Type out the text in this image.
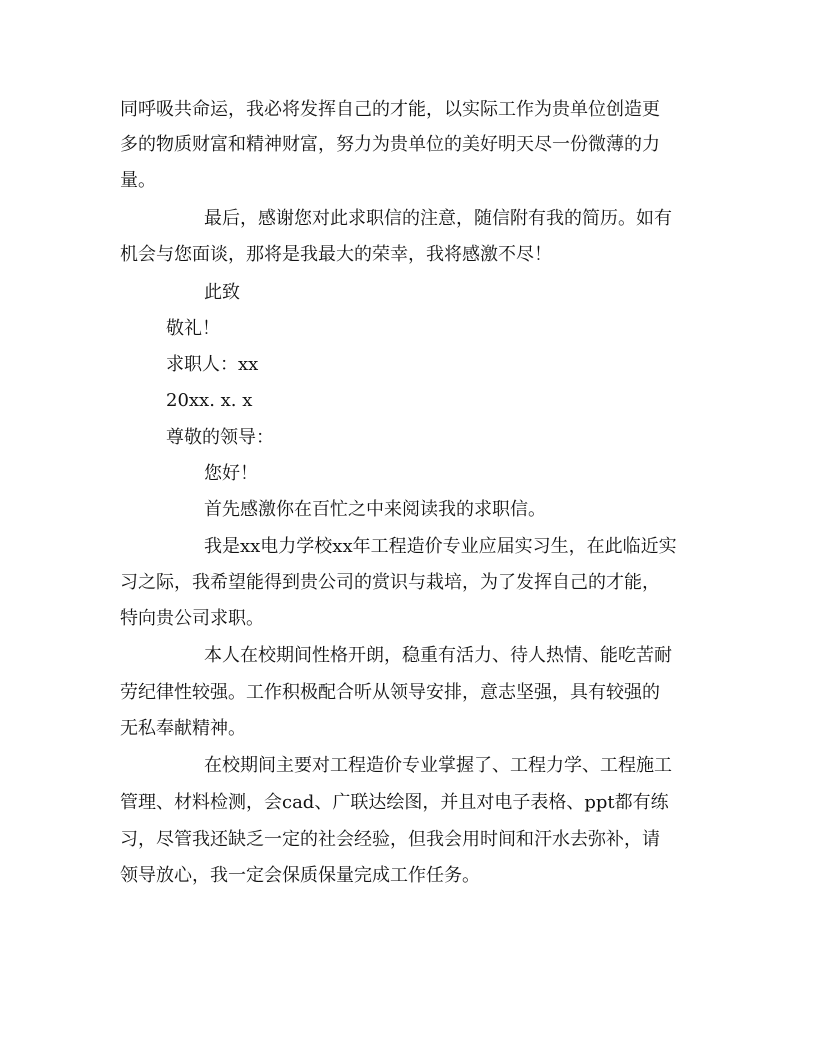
同呼吸共命运，我必将发挥自己的才能，以实际工作为贵单位创造更
多的物质财富和精神财富，努力为贵单位的美好明天尽一份微薄的力
量。
最后，感谢您对此求职信的注意，随信附有我的简历。如有
机会与您面谈，那将是我最大的荣幸，我将感激不尽！
此致
敬礼！
求职人：xx
20xx. x. x
尊敬的领导：
您好！
首先感激你在百忙之中来阅读我的求职信。
我是xx电力学校xx年工程造价专业应届实习生，在此临近实
习之际，我希望能得到贵公司的赏识与栽培，为了发挥自己的才能，
特向贵公司求职。
本人在校期间性格开朗，稳重有活力、待人热情、能吃苦耐
劳纪律性较强。工作积极配合听从领导安排，意志坚强，具有较强的
无私奉献精神。
在校期间主要对工程造价专业掌握了、工程力学、工程施工
管理、材料检测，会cad、广联达绘图，并且对电子表格、ppt都有练
习，尽管我还缺乏一定的社会经验，但我会用时间和汗水去弥补，请
领导放心，我一定会保质保量完成工作任务。
